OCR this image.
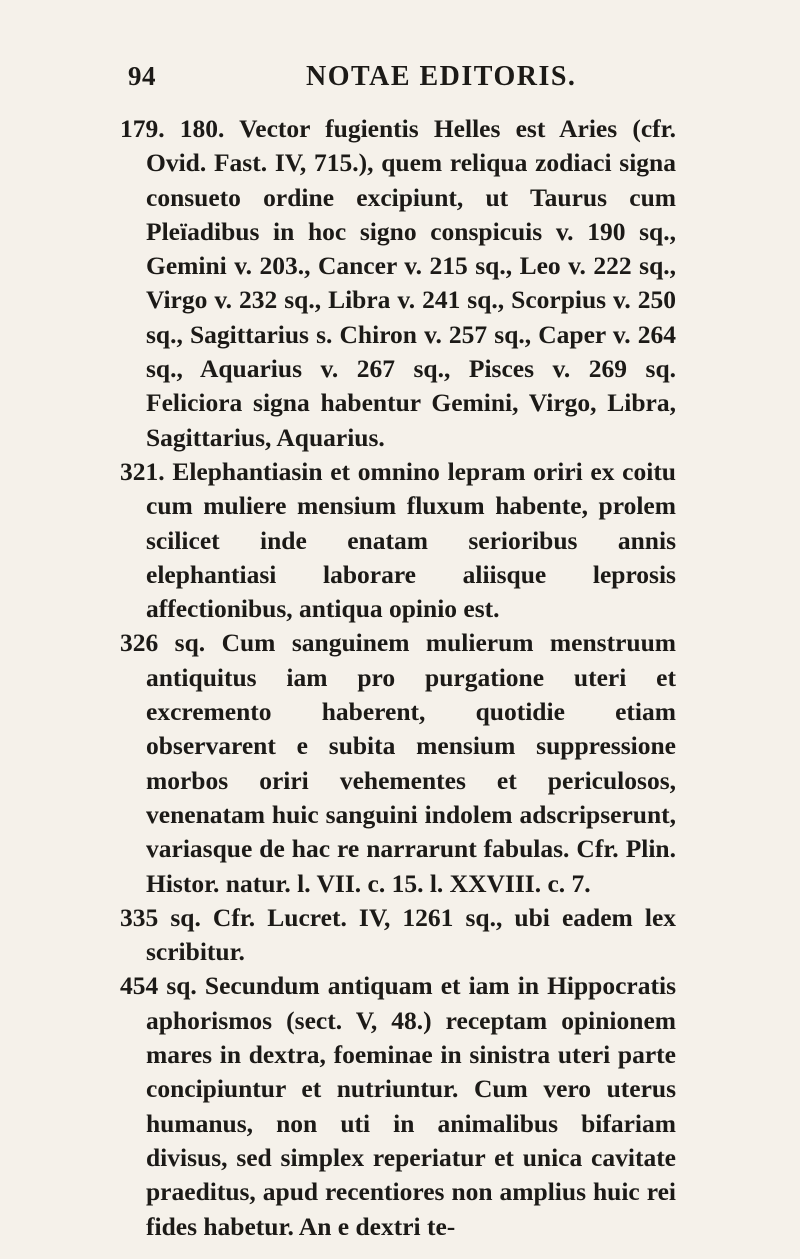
94	NOTAE EDITORIS.

179. 180. Vector fugientis Helles est Aries (cfr. Ovid. Fast. IV, 715.), quem reliqua zodiaci signa consueto ordine excipiunt, ut Taurus cum Pleïadibus in hoc signo conspicuis v. 190 sq., Gemini v. 203., Cancer v. 215 sq., Leo v. 222 sq., Virgo v. 232 sq., Libra v. 241 sq., Scorpius v. 250 sq., Sagittarius s. Chiron v. 257 sq., Caper v. 264 sq., Aquarius v. 267 sq., Pisces v. 269 sq. Feliciora signa habentur Gemini, Virgo, Libra, Sagittarius, Aquarius.

321. Elephantiasin et omnino lepram oriri ex coitu cum muliere mensium fluxum habente, prolem scilicet inde enatam serioribus annis elephantiasi laborare aliisque leprosis affectionibus, antiqua opinio est.

326 sq. Cum sanguinem mulierum menstruum antiquitus iam pro purgatione uteri et excremento haberent, quotidie etiam observarent e subita mensium suppressione morbos oriri vehementes et periculosos, venenatam huic sanguini indolem adscripserunt, variasque de hac re narrarunt fabulas. Cfr. Plin. Histor. natur. l. VII. c. 15. l. XXVIII. c. 7.

335 sq. Cfr. Lucret. IV, 1261 sq., ubi eadem lex scribitur.

454 sq. Secundum antiquam et iam in Hippocratis aphorismos (sect. V, 48.) receptam opinionem mares in dextra, foeminae in sinistra uteri parte concipiuntur et nutriuntur. Cum vero uterus humanus, non uti in animalibus bifariam divisus, sed simplex reperiatur et unica cavitate praeditus, apud recentiores non amplius huic rei fides habetur. An e dextri te-
